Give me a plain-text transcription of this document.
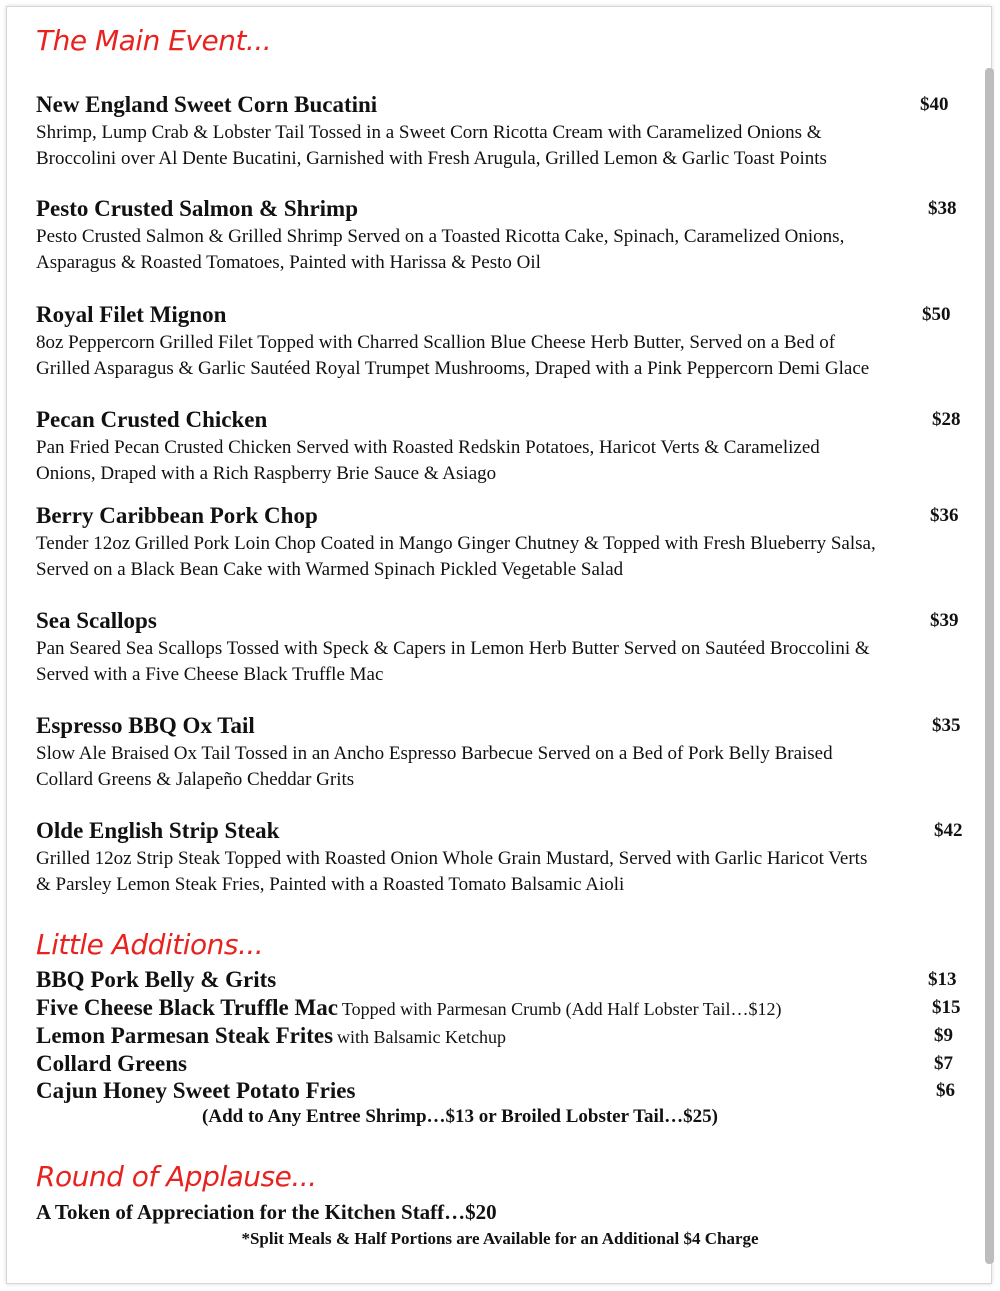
The Main Event...
New England Sweet Corn Bucatini	$40
Shrimp, Lump Crab & Lobster Tail Tossed in a Sweet Corn Ricotta Cream with Caramelized Onions &
Broccolini over Al Dente Bucatini, Garnished with Fresh Arugula, Grilled Lemon & Garlic Toast Points
Pesto Crusted Salmon & Shrimp	$38
Pesto Crusted Salmon & Grilled Shrimp Served on a Toasted Ricotta Cake, Spinach, Caramelized Onions,
Asparagus & Roasted Tomatoes, Painted with Harissa & Pesto Oil
Royal Filet Mignon	$50
8oz Peppercorn Grilled Filet Topped with Charred Scallion Blue Cheese Herb Butter, Served on a Bed of
Grilled Asparagus & Garlic Sautéed Royal Trumpet Mushrooms, Draped with a Pink Peppercorn Demi Glace
Pecan Crusted Chicken	$28
Pan Fried Pecan Crusted Chicken Served with Roasted Redskin Potatoes, Haricot Verts & Caramelized
Onions, Draped with a Rich Raspberry Brie Sauce & Asiago
Berry Caribbean Pork Chop	$36
Tender 12oz Grilled Pork Loin Chop Coated in Mango Ginger Chutney & Topped with Fresh Blueberry Salsa,
Served on a Black Bean Cake with Warmed Spinach Pickled Vegetable Salad
Sea Scallops	$39
Pan Seared Sea Scallops Tossed with Speck & Capers in Lemon Herb Butter Served on Sautéed Broccolini &
Served with a Five Cheese Black Truffle Mac
Espresso BBQ Ox Tail	$35
Slow Ale Braised Ox Tail Tossed in an Ancho Espresso Barbecue Served on a Bed of Pork Belly Braised
Collard Greens & Jalapeño Cheddar Grits
Olde English Strip Steak	$42
Grilled 12oz Strip Steak Topped with Roasted Onion Whole Grain Mustard, Served with Garlic Haricot Verts
& Parsley Lemon Steak Fries, Painted with a Roasted Tomato Balsamic Aioli
Little Additions...
BBQ Pork Belly & Grits	$13
Five Cheese Black Truffle Mac Topped with Parmesan Crumb (Add Half Lobster Tail…$12)	$15
Lemon Parmesan Steak Frites with Balsamic Ketchup	$9
Collard Greens	$7
Cajun Honey Sweet Potato Fries	$6
(Add to Any Entree Shrimp…$13 or Broiled Lobster Tail…$25)
Round of Applause...
A Token of Appreciation for the Kitchen Staff…$20
*Split Meals & Half Portions are Available for an Additional $4 Charge
